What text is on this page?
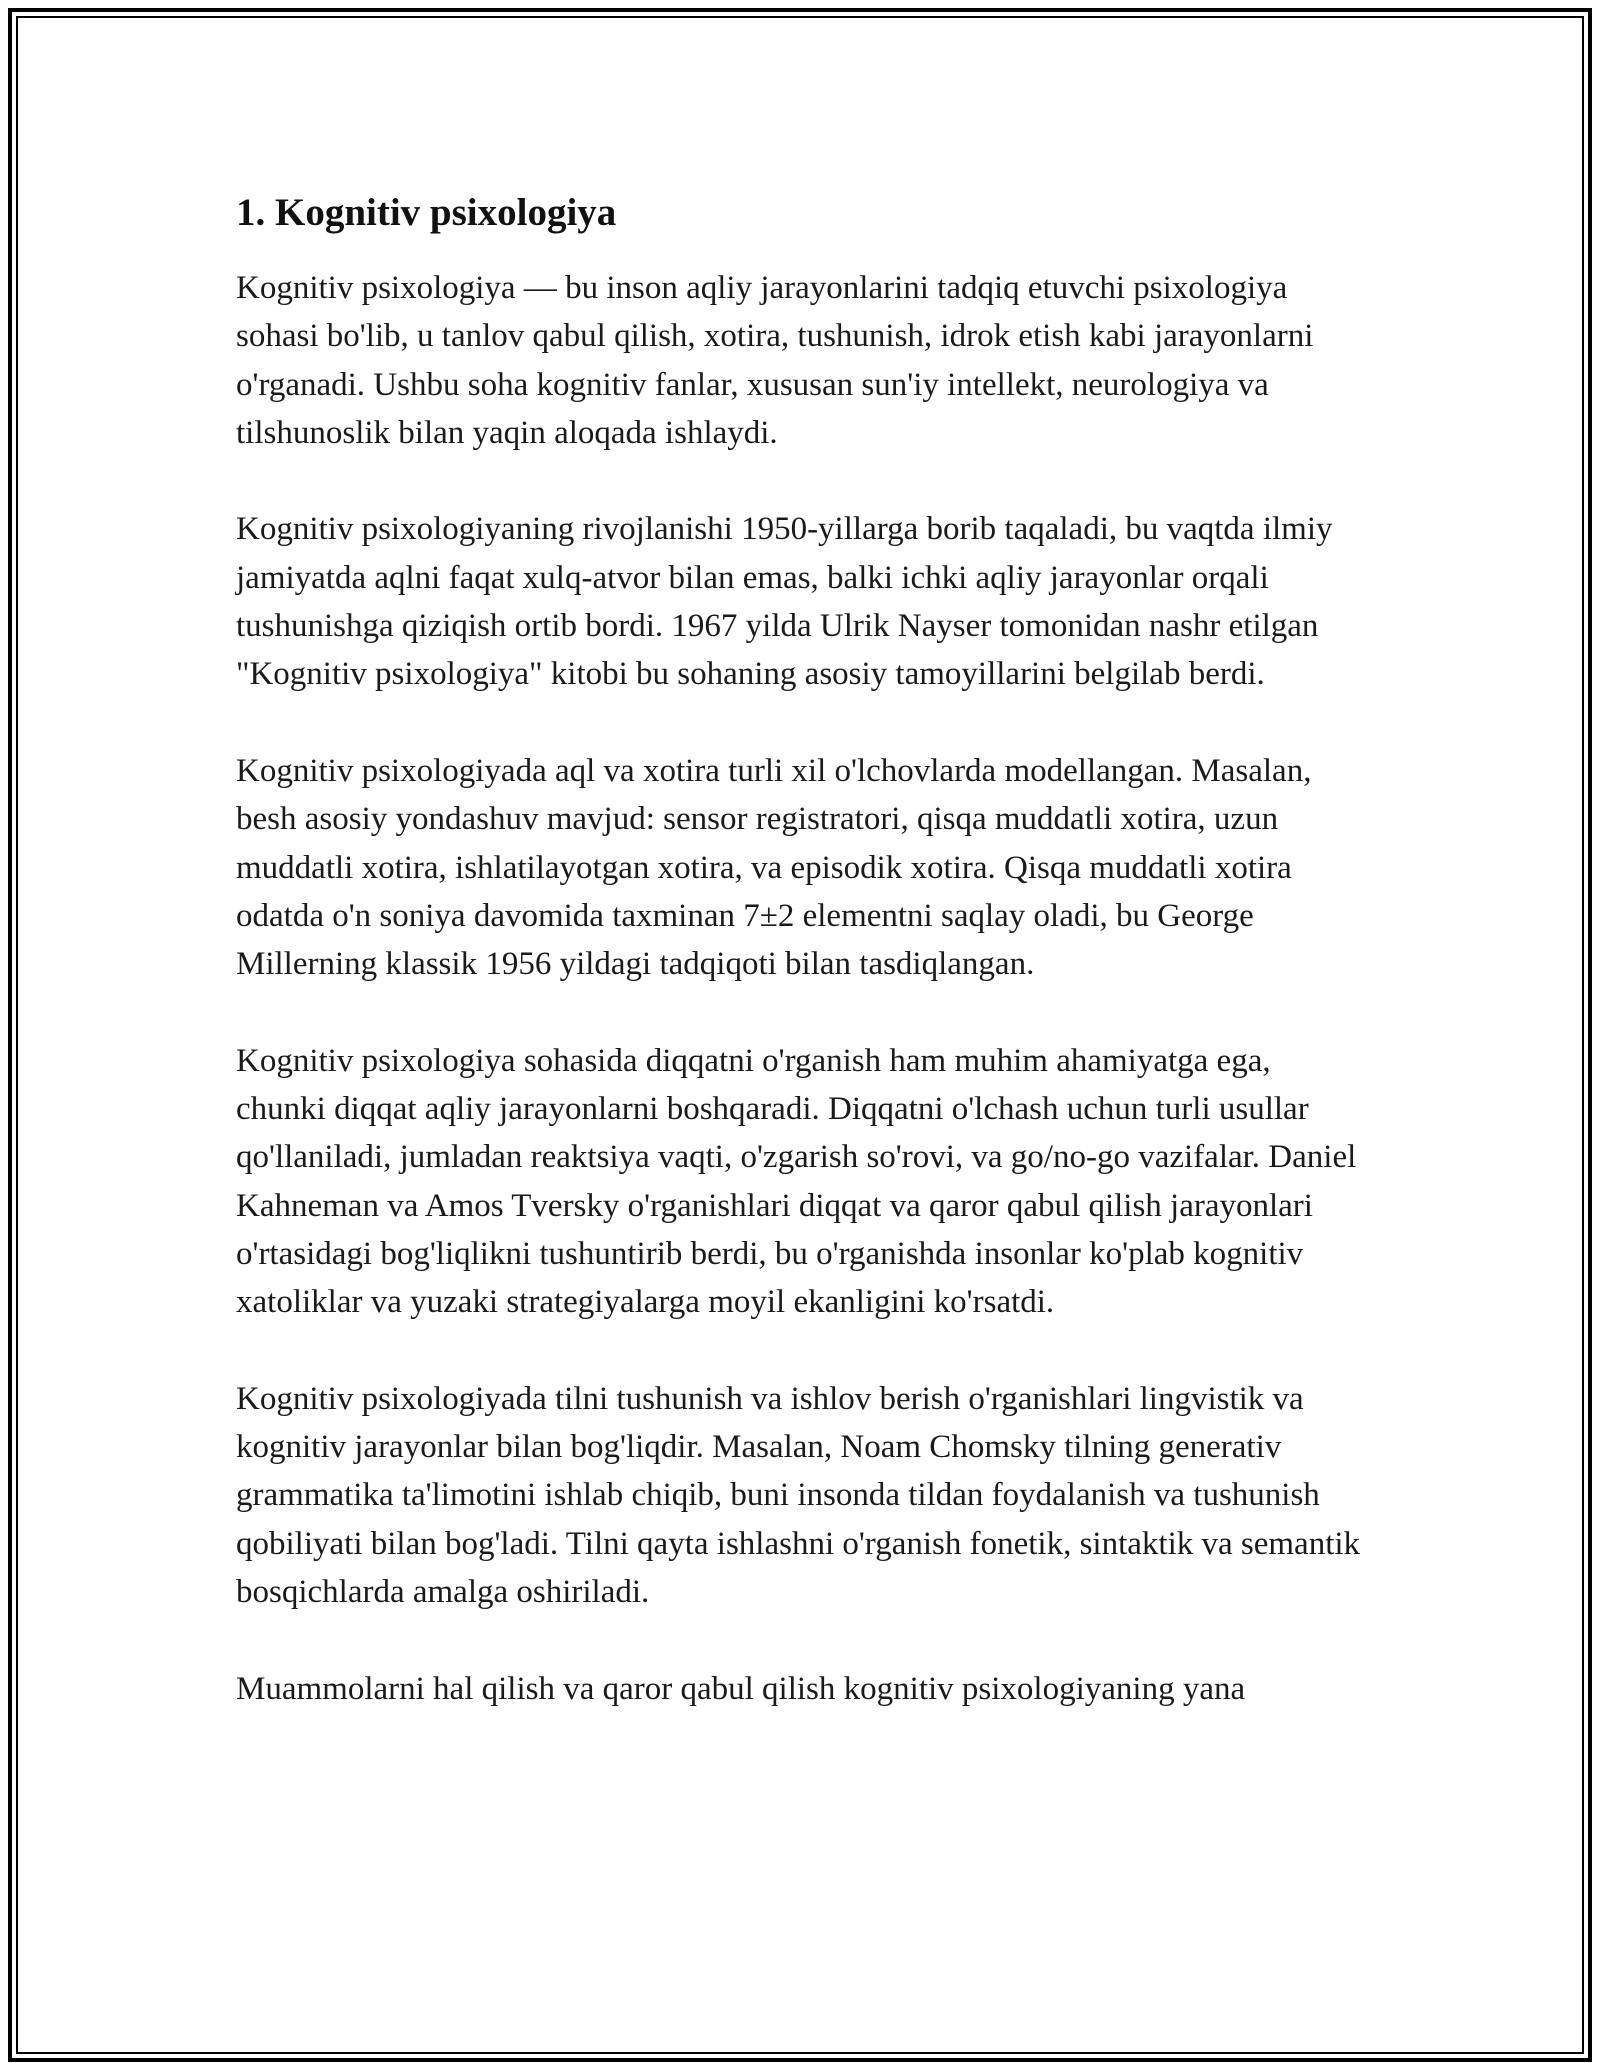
1. Kognitiv psixologiya

Kognitiv psixologiya — bu inson aqliy jarayonlarini tadqiq etuvchi psixologiya sohasi bo'lib, u tanlov qabul qilish, xotira, tushunish, idrok etish kabi jarayonlarni o'rganadi. Ushbu soha kognitiv fanlar, xususan sun'iy intellekt, neurologiya va tilshunoslik bilan yaqin aloqada ishlaydi.

Kognitiv psixologiyaning rivojlanishi 1950-yillarga borib taqaladi, bu vaqtda ilmiy jamiyatda aqlni faqat xulq-atvor bilan emas, balki ichki aqliy jarayonlar orqali tushunishga qiziqish ortib bordi. 1967 yilda Ulrik Nayser tomonidan nashr etilgan "Kognitiv psixologiya" kitobi bu sohaning asosiy tamoyillarini belgilab berdi.

Kognitiv psixologiyada aql va xotira turli xil o'lchovlarda modellangan. Masalan, besh asosiy yondashuv mavjud: sensor registratori, qisqa muddatli xotira, uzun muddatli xotira, ishlatilayotgan xotira, va episodik xotira. Qisqa muddatli xotira odatda o'n soniya davomida taxminan 7±2 elementni saqlay oladi, bu George Millerning klassik 1956 yildagi tadqiqoti bilan tasdiqlangan.

Kognitiv psixologiya sohasida diqqatni o'rganish ham muhim ahamiyatga ega, chunki diqqat aqliy jarayonlarni boshqaradi. Diqqatni o'lchash uchun turli usullar qo'llaniladi, jumladan reaktsiya vaqti, o'zgarish so'rovi, va go/no-go vazifalar. Daniel Kahneman va Amos Tversky o'rganishlari diqqat va qaror qabul qilish jarayonlari o'rtasidagi bog'liqlikni tushuntirib berdi, bu o'rganishda insonlar ko'plab kognitiv xatoliklar va yuzaki strategiyalarga moyil ekanligini ko'rsatdi.

Kognitiv psixologiyada tilni tushunish va ishlov berish o'rganishlari lingvistik va kognitiv jarayonlar bilan bog'liqdir. Masalan, Noam Chomsky tilning generativ grammatika ta'limotini ishlab chiqib, buni insonda tildan foydalanish va tushunish qobiliyati bilan bog'ladi. Tilni qayta ishlashni o'rganish fonetik, sintaktik va semantik bosqichlarda amalga oshiriladi.

Muammolarni hal qilish va qaror qabul qilish kognitiv psixologiyaning yana
